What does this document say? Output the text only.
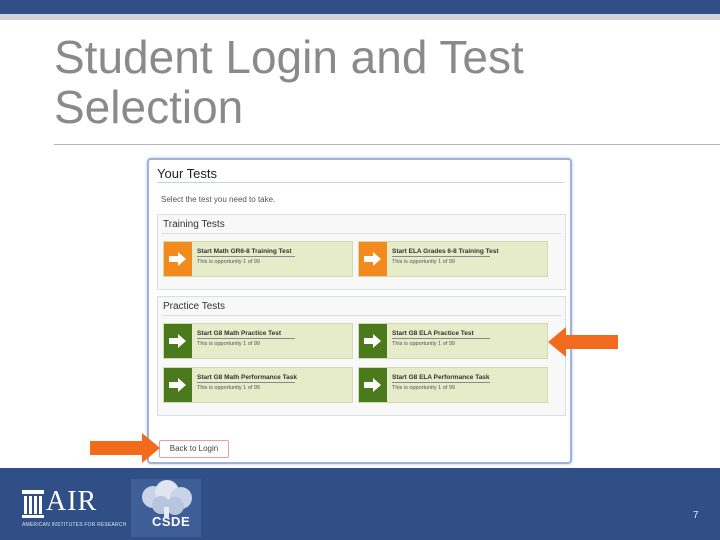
Student Login and Test Selection
Your Tests
Select the test you need to take.
Training Tests
Start Math GR6-8 Training Test
This is opportunity 1 of 99
Start ELA Grades 6-8 Training Test
This is opportunity 1 of 99
Practice Tests
Start G8 Math Practice Test
This is opportunity 1 of 99
Start G8 ELA Practice Test
This is opportunity 1 of 99
Start G8 Math Performance Task
This is opportunity 1 of 99
Start G8 ELA Performance Task
This is opportunity 1 of 99
Back to Login
AIR
AMERICAN INSTITUTES FOR RESEARCH CSDE	7
